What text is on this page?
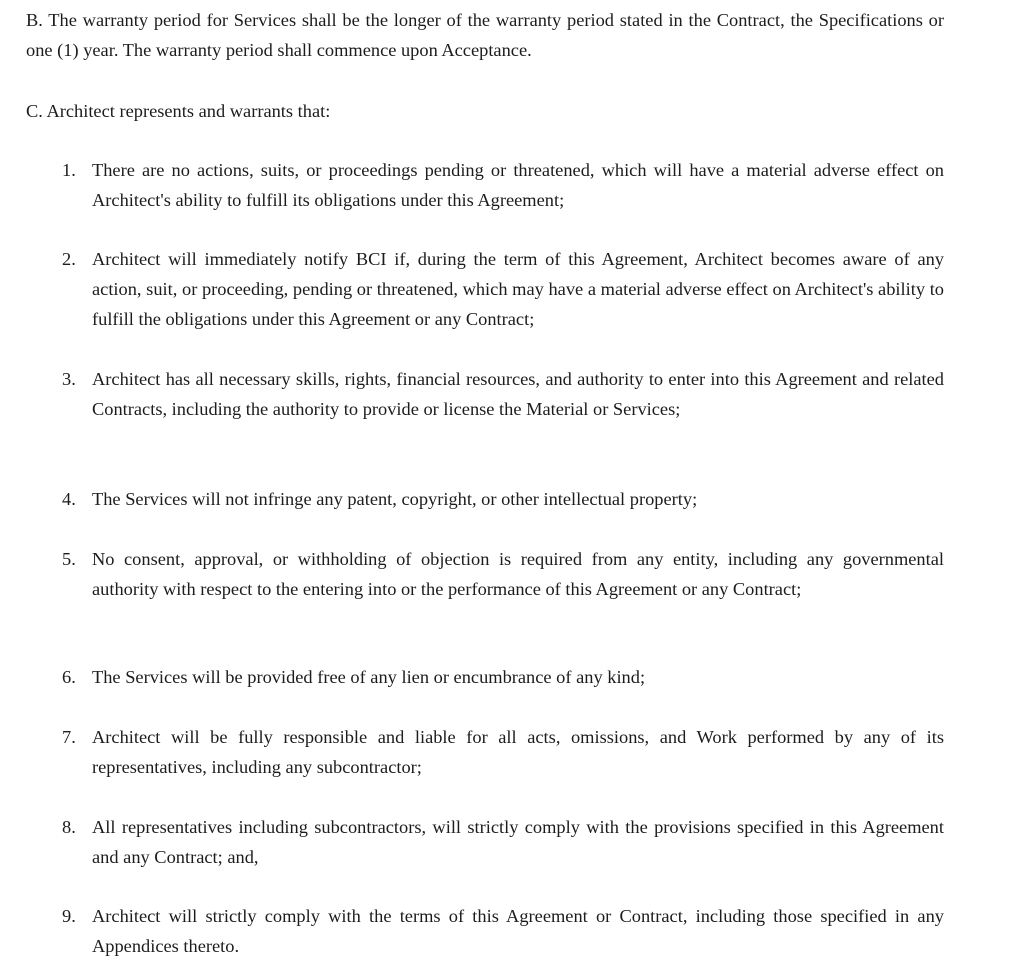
B. The warranty period for Services shall be the longer of the warranty period stated in the Contract, the Specifications or one (1) year. The warranty period shall commence upon Acceptance.

C. Architect represents and warrants that:

1. There are no actions, suits, or proceedings pending or threatened, which will have a material adverse effect on Architect's ability to fulfill its obligations under this Agreement;
2. Architect will immediately notify BCI if, during the term of this Agreement, Architect becomes aware of any action, suit, or proceeding, pending or threatened, which may have a material adverse effect on Architect's ability to fulfill the obligations under this Agreement or any Contract;
3. Architect has all necessary skills, rights, financial resources, and authority to enter into this Agreement and related Contracts, including the authority to provide or license the Material or Services;
4. The Services will not infringe any patent, copyright, or other intellectual property;
5. No consent, approval, or withholding of objection is required from any entity, including any governmental authority with respect to the entering into or the performance of this Agreement or any Contract;
6. The Services will be provided free of any lien or encumbrance of any kind;
7. Architect will be fully responsible and liable for all acts, omissions, and Work performed by any of its representatives, including any subcontractor;
8. All representatives including subcontractors, will strictly comply with the provisions specified in this Agreement and any Contract; and,
9. Architect will strictly comply with the terms of this Agreement or Contract, including those specified in any Appendices thereto.
